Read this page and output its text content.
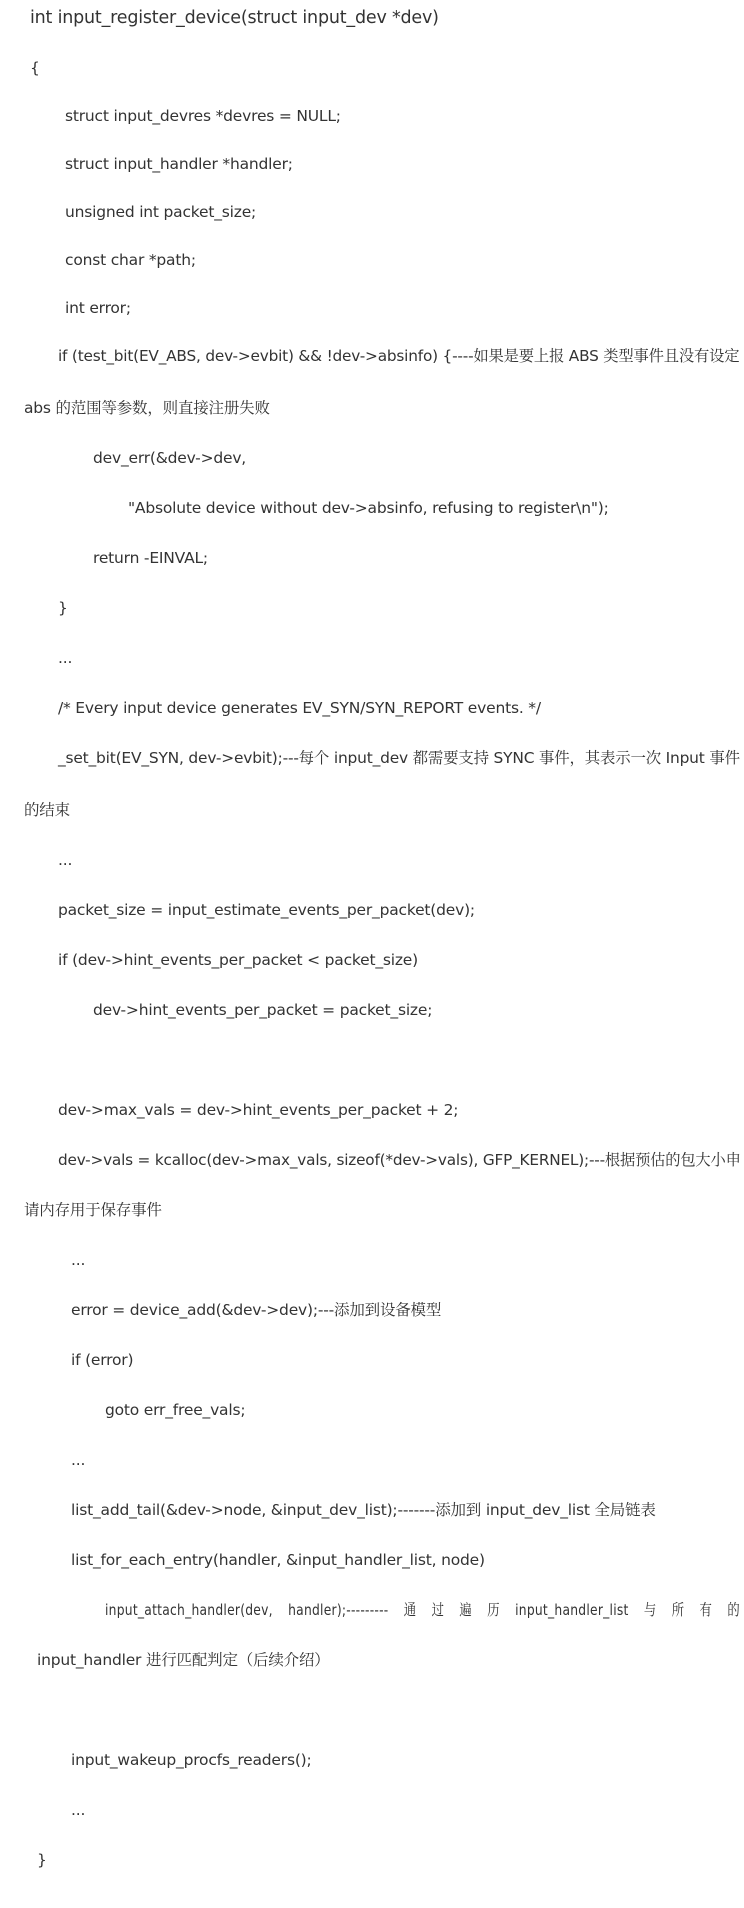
int input_register_device(struct input_dev *dev)
{
struct input_devres *devres = NULL;
struct input_handler *handler;
unsigned int packet_size;
const char *path;
int error;
if (test_bit(EV_ABS, dev->evbit) && !dev->absinfo) {----如果是要上报 ABS 类型事件且没有设定
abs 的范围等参数，则直接注册失败
dev_err(&dev->dev,
"Absolute device without dev->absinfo, refusing to register\n");
return -EINVAL;
}
...
/* Every input device generates EV_SYN/SYN_REPORT events. */
_set_bit(EV_SYN, dev->evbit);---每个 input_dev 都需要支持 SYNC 事件，其表示一次 Input 事件
的结束
...
packet_size = input_estimate_events_per_packet(dev);
if (dev->hint_events_per_packet < packet_size)
dev->hint_events_per_packet = packet_size;
dev->max_vals = dev->hint_events_per_packet + 2;
dev->vals = kcalloc(dev->max_vals, sizeof(*dev->vals), GFP_KERNEL);---根据预估的包大小申
请内存用于保存事件
...
error = device_add(&dev->dev);---添加到设备模型
if (error)
goto err_free_vals;
...
list_add_tail(&dev->node, &input_dev_list);-------添加到 input_dev_list 全局链表
list_for_each_entry(handler, &input_handler_list, node)
input_attach_handler(dev, handler);--------- 通 过 遍 历 input_handler_list 与 所 有 的
input_handler 进行匹配判定（后续介绍）
input_wakeup_procfs_readers();
...
}
